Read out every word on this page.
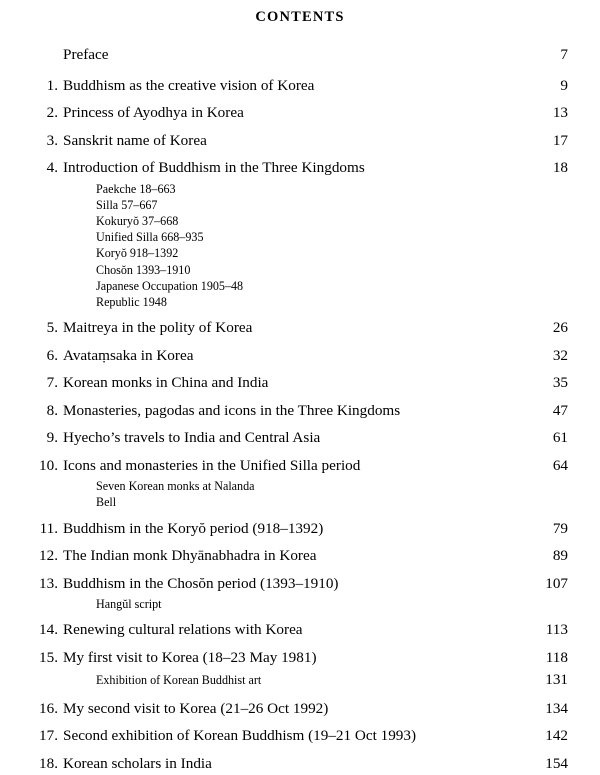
CONTENTS
Preface	7
1. Buddhism as the creative vision of Korea	9
2. Princess of Ayodhya in Korea	13
3. Sanskrit name of Korea	17
4. Introduction of Buddhism in the Three Kingdoms	18
Paekche 18–663
Silla 57–667
Kokuryŏ 37–668
Unified Silla 668–935
Koryŏ 918–1392
Chosŏn 1393–1910
Japanese Occupation 1905–48
Republic 1948
5. Maitreya in the polity of Korea	26
6. Avataṃsaka in Korea	32
7. Korean monks in China and India	35
8. Monasteries, pagodas and icons in the Three Kingdoms	47
9. Hyecho’s travels to India and Central Asia	61
10. Icons and monasteries in the Unified Silla period	64
Seven Korean monks at Nalanda
Bell
11. Buddhism in the Koryŏ period (918–1392)	79
12. The Indian monk Dhyānabhadra in Korea	89
13. Buddhism in the Chosŏn period (1393–1910)	107
Hangŭl script
14. Renewing cultural relations with Korea	113
15. My first visit to Korea (18–23 May 1981)	118
Exhibition of Korean Buddhist art	131
16. My second visit to Korea (21–26 Oct 1992)	134
17. Second exhibition of Korean Buddhism (19–21 Oct 1993)	142
18. Korean scholars in India	154
